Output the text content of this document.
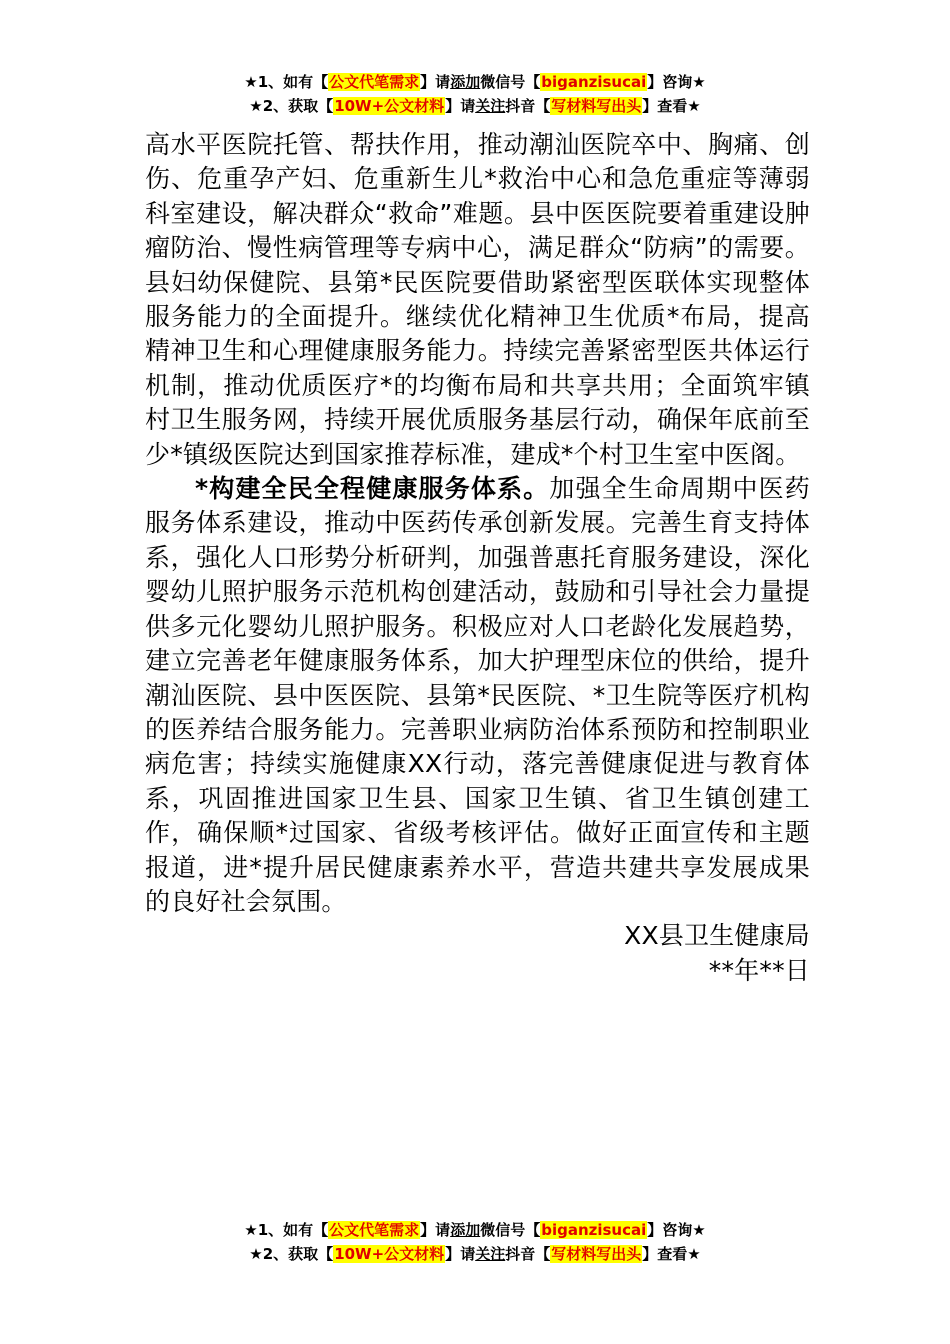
★1、如有【公文代笔需求】请添加微信号【biganzisucai】咨询★
★2、获取【10W+公文材料】请关注抖音【写材料写出头】查看★

高水平医院托管、帮扶作用，推动潮汕医院卒中、胸痛、创伤、危重孕产妇、危重新生儿*救治中心和急危重症等薄弱科室建设，解决群众“救命”难题。县中医医院要着重建设肿瘤防治、慢性病管理等专病中心，满足群众“防病”的需要。县妇幼保健院、县第*民医院要借助紧密型医联体实现整体服务能力的全面提升。继续优化精神卫生优质*布局，提高精神卫生和心理健康服务能力。持续完善紧密型医共体运行机制，推动优质医疗*的均衡布局和共享共用；全面筑牢镇村卫生服务网，持续开展优质服务基层行动，确保年底前至少*镇级医院达到国家推荐标准，建成*个村卫生室中医阁。

*构建全民全程健康服务体系。加强全生命周期中医药服务体系建设，推动中医药传承创新发展。完善生育支持体系，强化人口形势分析研判，加强普惠托育服务建设，深化婴幼儿照护服务示范机构创建活动，鼓励和引导社会力量提供多元化婴幼儿照护服务。积极应对人口老龄化发展趋势，建立完善老年健康服务体系，加大护理型床位的供给，提升潮汕医院、县中医医院、县第*民医院、*卫生院等医疗机构的医养结合服务能力。完善职业病防治体系预防和控制职业病危害；持续实施健康XX行动，落完善健康促进与教育体系，巩固推进国家卫生县、国家卫生镇、省卫生镇创建工作，确保顺*过国家、省级考核评估。做好正面宣传和主题报道，进*提升居民健康素养水平，营造共建共享发展成果的良好社会氛围。

XX县卫生健康局

**年**日

★1、如有【公文代笔需求】请添加微信号【biganzisucai】咨询★
★2、获取【10W+公文材料】请关注抖音【写材料写出头】查看★
